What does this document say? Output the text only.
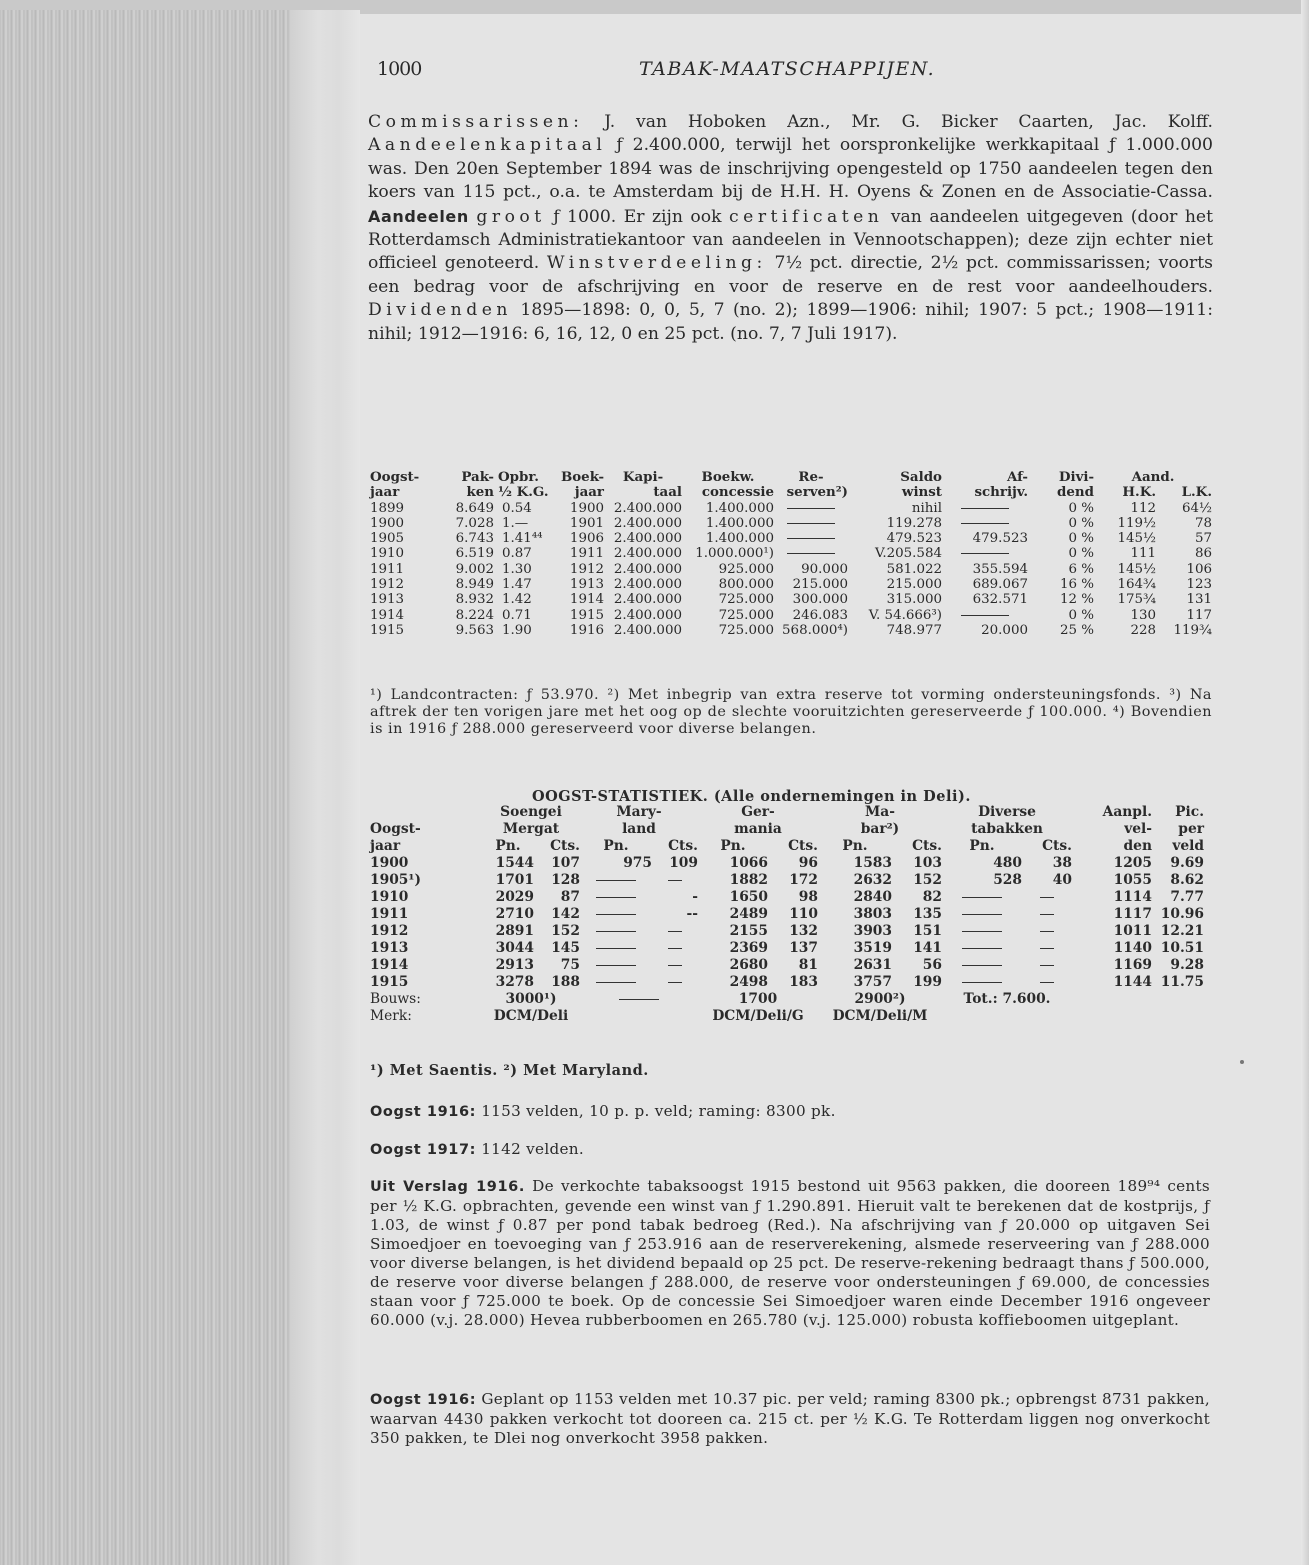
1000	TABAK-MAATSCHAPPIJEN.
Commissarissen: J. van Hoboken Azn., Mr. G. Bicker Caarten, Jac. Kolff. Aandeelenkapitaal ƒ 2.400.000, terwijl het oorspronkelijke werkkapitaal ƒ 1.000.000 was. Den 20en September 1894 was de inschrijving opengesteld op 1750 aandeelen tegen den koers van 115 pct., o.a. te Amsterdam bij de H.H. H. Oyens & Zonen en de Associatie-Cassa. Aandeelen groot ƒ 1000. Er zijn ook certificaten van aandeelen uitgegeven (door het Rotterdamsch Administratiekantoor van aandeelen in Vennootschappen); deze zijn echter niet officieel genoteerd. Winstverdeeling: 7½ pct. directie, 2½ pct. commissarissen; voorts een bedrag voor de afschrijving en voor de reserve en de rest voor aandeelhouders. Dividenden 1895—1898: 0, 0, 5, 7 (no. 2); 1899—1906: nihil; 1907: 5 pct.; 1908—1911: nihil; 1912—1916: 6, 16, 12, 0 en 25 pct. (no. 7, 7 Juli 1917).
Oogst-	Pak-	Opbr.	Boek-	Kapi-	Boekw.	Re-	Saldo	Af-	Divi-	Aand.	
jaar	ken	½ K.G.	jaar	taal	concessie	serven²)	winst	schrijv.	dend	H.K.	L.K.
1899	8.649	0.54	1900	2.400.000	1.400.000		nihil		0 %	112	64½
1900	7.028	1.—	1901	2.400.000	1.400.000		119.278		0 %	119½	78
1905	6.743	1.41⁴⁴	1906	2.400.000	1.400.000		479.523	479.523	0 %	145½	57
1910	6.519	0.87	1911	2.400.000	1.000.000¹)		V.205.584		0 %	111	86
1911	9.002	1.30	1912	2.400.000	925.000	90.000	581.022	355.594	6 %	145½	106
1912	8.949	1.47	1913	2.400.000	800.000	215.000	215.000	689.067	16 %	164¾	123
1913	8.932	1.42	1914	2.400.000	725.000	300.000	315.000	632.571	12 %	175¾	131
1914	8.224	0.71	1915	2.400.000	725.000	246.083	V. 54.666³)		0 %	130	117
1915	9.563	1.90	1916	2.400.000	725.000	568.000⁴)	748.977	20.000	25 %	228	119¾
¹) Landcontracten: ƒ 53.970. ²) Met inbegrip van extra reserve tot vorming ondersteuningsfonds. ³) Na aftrek der ten vorigen jare met het oog op de slechte vooruitzichten gereserveerde ƒ 100.000. ⁴) Bovendien is in 1916 ƒ 288.000 gereserveerd voor diverse belangen.
OOGST-STATISTIEK. (Alle ondernemingen in Deli).
	Soengei		Mary-		Ger-		Ma-		Diverse		Aanpl.	Pic.
Oogst-	Mergat		land		mania		bar²)		tabakken		vel-	per
jaar	Pn.	Cts.	Pn.	Cts.	Pn.	Cts.	Pn.	Cts.	Pn.	Cts.	den	veld
1900	1544	107	975	109	1066	96	1583	103	480	38	1205	9.69
1905¹)	1701	128			1882	172	2632	152	528	40	1055	8.62
1910	2029	87		-	1650	98	2840	82			1114	7.77
1911	2710	142		--	2489	110	3803	135			1117	10.96
1912	2891	152			2155	132	3903	151			1011	12.21
1913	3044	145			2369	137	3519	141			1140	10.51
1914	2913	75			2680	81	2631	56			1169	9.28
1915	3278	188			2498	183	3757	199			1144	11.75
Bouws:	3000¹)				1700		2900²)		Tot.: 7.600.			
Merk:	DCM/Deli				DCM/Deli/G		DCM/Deli/M					
¹) Met Saentis. ²) Met Maryland.
Oogst 1916: 1153 velden, 10 p. p. veld; raming: 8300 pk.
Oogst 1917: 1142 velden.
Uit Verslag 1916. De verkochte tabaksoogst 1915 bestond uit 9563 pakken, die dooreen 189⁹⁴ cents per ½ K.G. opbrachten, gevende een winst van ƒ 1.290.891. Hieruit valt te berekenen dat de kostprijs, ƒ 1.03, de winst ƒ 0.87 per pond tabak bedroeg (Red.). Na afschrijving van ƒ 20.000 op uitgaven Sei Simoedjoer en toevoeging van ƒ 253.916 aan de reserverekening, alsmede reserveering van ƒ 288.000 voor diverse belangen, is het dividend bepaald op 25 pct. De reserve-rekening bedraagt thans ƒ 500.000, de reserve voor diverse belangen ƒ 288.000, de reserve voor ondersteuningen ƒ 69.000, de concessies staan voor ƒ 725.000 te boek. Op de concessie Sei Simoedjoer waren einde December 1916 ongeveer 60.000 (v.j. 28.000) Hevea rubberboomen en 265.780 (v.j. 125.000) robusta koffieboomen uitgeplant.
Oogst 1916: Geplant op 1153 velden met 10.37 pic. per veld; raming 8300 pk.; opbrengst 8731 pakken, waarvan 4430 pakken verkocht tot dooreen ca. 215 ct. per ½ K.G. Te Rotterdam liggen nog onverkocht 350 pakken, te Dlei nog onverkocht 3958 pakken.
